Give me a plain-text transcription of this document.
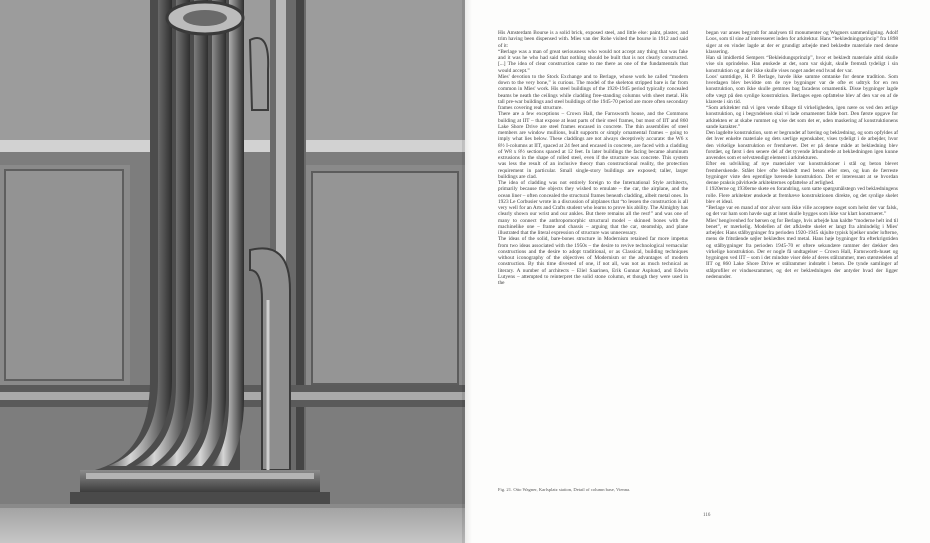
His Amsterdam Bourse is a solid brick, exposed steel, and little else: paint, plaster, and trim having been dispensed with. Mies van der Rohe visited the bourse in 1912 and said of it:

“Berlage was a man of great seriousness who would not accept any thing that was fake and it was he who had said that nothing should be built that is not clearly constructed. [...] The idea of clear construction came to me there as one of the fundamentals that would accept.”

Mies' devotion to the Stock Exchange and to Berlage, whose work he called “modern down to the very bone,” is curious. The model of the skeleton stripped bare is far from common in Mies' work. His steel buildings of the 1920-1945 period typically concealed beams be neath the ceilings while cladding free-standing columns with sheet metal. His tall pre-war buildings and steel buildings of the 1945-70 period are more often secondary frames covering real structure.

There are a few exceptions – Crown Hall, the Farnsworth house, and the Commons building at IIT – that expose at least parts of their steel frames, but most of IIT and 860 Lake Shore Drive are steel frames encased in concrete. The thin assemblies of steel members are window mullions, built supports or simply ornamental frames – going to imply what lies below. These claddings are not always deceptively accurate: the W6 x 8½ I-columns at IIT, spaced at 24 feet and encased in concrete, are faced with a cladding of W8 x 8½ sections spaced at 12 feet. In later buildings the facing became aluminum extrusions in the shape of rolled steel, even if the structure was concrete. This system was less the result of an inclusive theory than constructional reality, the protection requirement in particular. Small single-story buildings are exposed; taller, larger buildings are clad.

The idea of cladding was not entirely foreign to the International Style architects, primarily because the objects they wished to emulate – the car, the airplane, and the ocean liner – often concealed the structural frames beneath cladding, albeit metal ones. In 1923 Le Corbusier wrote in a discussion of airplanes that “to lessen the construction is all very well for an Arts and Crafts student who learns to prove his ability. The Almighty has clearly shown our wrist and our ankles. But there remains all the rest!” and was one of many to connect the anthropomorphic structural model – skinned bones with the machinelike one – frame and chassis – arguing that the car, steamship, and plane illustrated that the literal expression of structure was unnecessary.

The ideas of the solid, bare-bones structure in Modernism retained far more impetus from two ideas associated with the 1950s – the desire to revive technological vernacular constructions and the desire to adopt traditional, or as Classical, building techniques without iconography of the objectives of Modernism or the advantages of modern construction. By this time divested of one, if not all, was not as much technical as literary. A number of architects – Eliel Saarinen, Erik Gunnar Asplund, and Edwin Lutyens – attempted to reinterpret the solid stone column, et though they were used in the

began var anses begyndt for analysen til monumenter og Wagners sammenligning. Adolf Loos, som til sine af interesseret inden for arkitektur. Hans “beklædningsprincip” fra 1898 siger at en vinder lagde at der er grundigt arbejde med beklædte materiale med denne klassering.

Han så imidlertid Sempers “Bekleidungsprinzip”, hvor et beklædt materiale altid skulle vise sin oprindelse. Han ønskede at det, som var skjult, skulle fremstå tydeligt i sin konstruktion og at der ikke skulle vises noget andet end hvad der var.

Loos' samtidige, H. P. Berlage, havde ikke samme omtanke for denne tradition. Som hverdagen blev bevidste om de nye bygninger var de ofte et udtryk for en ren konstruktion, som ikke skulle gemmes bag facadens ornamentik. Disse bygninger lagde ofte vægt på den synlige konstruktion. Berlages egen opfattelse blev af den var en af de klareste i sin tid.

“Som arkitekter må vi igen vende tilbage til virkeligheden, igen nære os ved den ærlige konstruktion, og i begyndelsen skal vi lade ornamentet falde bort. Den første opgave for arkitekten er at skabe rummet og vise det som det er, uden maskering af konstruktionens sande karakter.”

Den lagdelte konstruktion, som er begrundet af bæring og beklædning, og som opfyldes af det hver enkelte materiale og dets særlige egenskaber, vises tydeligt i de arbejder, hvor den virkelige konstruktion er fremhævet. Det er på denne måde at beklædning blev forstået, og først i den senere del af det tyvende århundrede at beklædningen igen kunne anvendes som et selvstændigt element i arkitekturen.

Efter en udvikling af nye materialer var konstruktioner i stål og beton blevet fremherskende. Stålet blev ofte beklædt med beton eller sten, og kun de færreste bygninger viste den egentlige bærende konstruktion. Det er interessant at se hvordan denne praksis påvirkede arkitekternes opfattelse af ærlighed.

I 1920erne og 1930erne skete en forandring, som satte spørgsmålstegn ved beklædningens rolle. Flere arkitekter ønskede at fremhæve konstruktionen direkte, og det synlige skelet blev et ideal.

“Berlage var en mand af stor alvor som ikke ville acceptere noget som helst der var falsk, og det var ham som havde sagt at intet skulle bygges som ikke var klart konstrueret.”

Mies' hengivenhed for børsen og for Berlage, hvis arbejde han kaldte “moderne helt ind til benet”, er mærkelig. Modellen af det afklædte skelet er langt fra almindelig i Mies' arbejder. Hans stålbygninger fra perioden 1920-1945 skjulte typisk bjælker under lofterne, mens de fritstående søjler beklædtes med metal. Hans høje bygninger fra efterkrigstiden og stålbygninger fra perioden 1945-70 er oftere sekundære rammer der dækker den virkelige konstruktion. Der er nogle få undtagelser – Crown Hall, Farnsworth-huset og bygningen ved IIT – som i det mindste viser dele af deres stålrammer, men størstedelen af IIT og 860 Lake Shore Drive er stålrammer indstøbt i beton. De tynde samlinger af stålprofiler er vinduesrammer, og det er beklædningen der antyder hvad der ligger nedenunder.

Fig. 21. Otto Wagner, Karlsplatz station, Detail of column base, Vienna.
116
